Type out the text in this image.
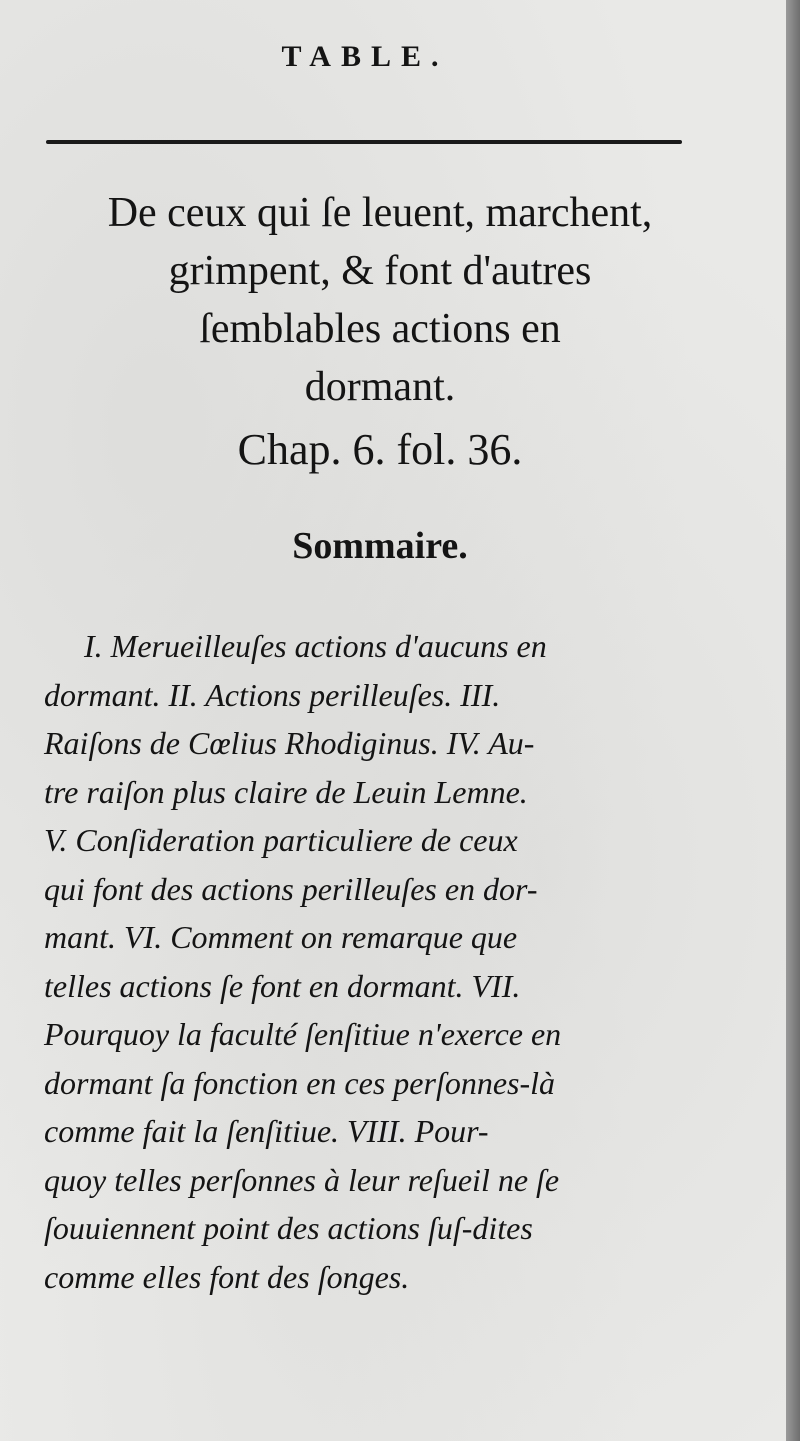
TABLE.
De ceux qui ſe leuent, marchent,
grimpent, & font d'autres
ſemblables actions en
dormant.
Chap. 6. fol. 36.
Sommaire.
I. Merueilleuſes actions d'aucuns en
dormant. II. Actions perilleuſes. III.
Raiſons de Cœlius Rhodiginus. IV. Au-
tre raiſon plus claire de Leuin Lemne.
V. Conſideration particuliere de ceux
qui font des actions perilleuſes en dor-
mant. VI. Comment on remarque que
telles actions ſe font en dormant. VII.
Pourquoy la faculté ſenſitiue n'exerce en
dormant ſa fonction en ces perſonnes-là
comme fait la ſenſitiue. VIII. Pour-
quoy telles perſonnes à leur reſueil ne ſe
ſouuiennent point des actions ſuſ-dites
comme elles font des ſonges.
